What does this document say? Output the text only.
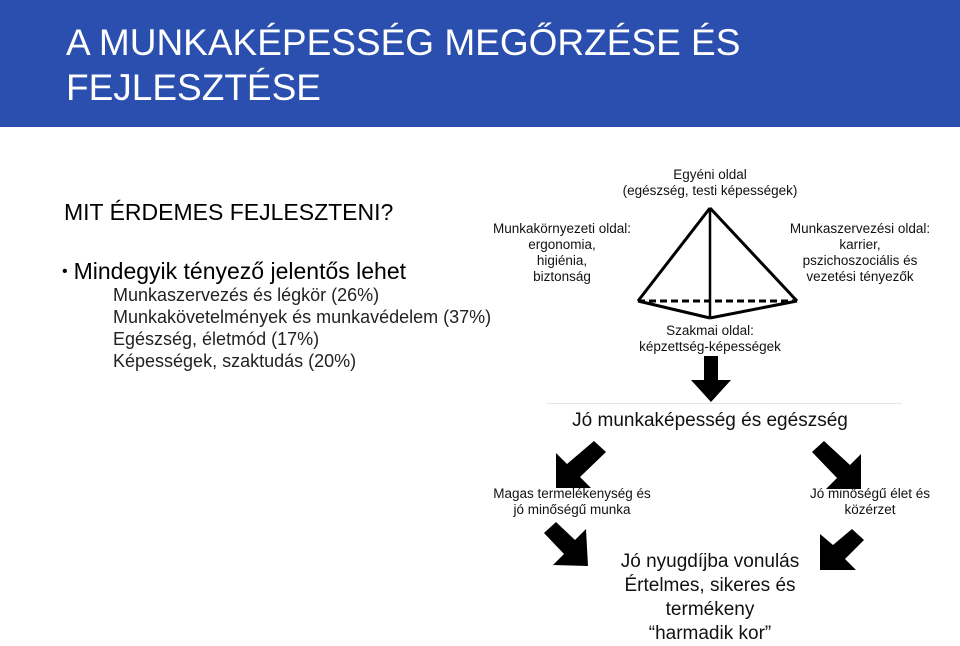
A MUNKAKÉPESSÉG MEGŐRZÉSE ÉS FEJLESZTÉSE
MIT ÉRDEMES FEJLESZTENI?
• Mindegyik tényező jelentős lehet
Munkaszervezés és légkör (26%)
Munkakövetelmények és munkavédelem (37%)
Egészség, életmód (17%)
Képességek, szaktudás (20%)
Egyéni oldal
(egészség, testi képességek)
Munkakörnyezeti oldal:
ergonomia,
higiénia,
biztonság
Munkaszervezési oldal:
karrier,
pszichoszociális és
vezetési tényezők
Szakmai oldal:
képzettség-képességek
Jó munkaképesség és egészség
Magas termelékenység és
jó minőségű munka
Jó minőségű élet és
közérzet
Jó nyugdíjba vonulás
Értelmes, sikeres és
termékeny
“harmadik kor”
